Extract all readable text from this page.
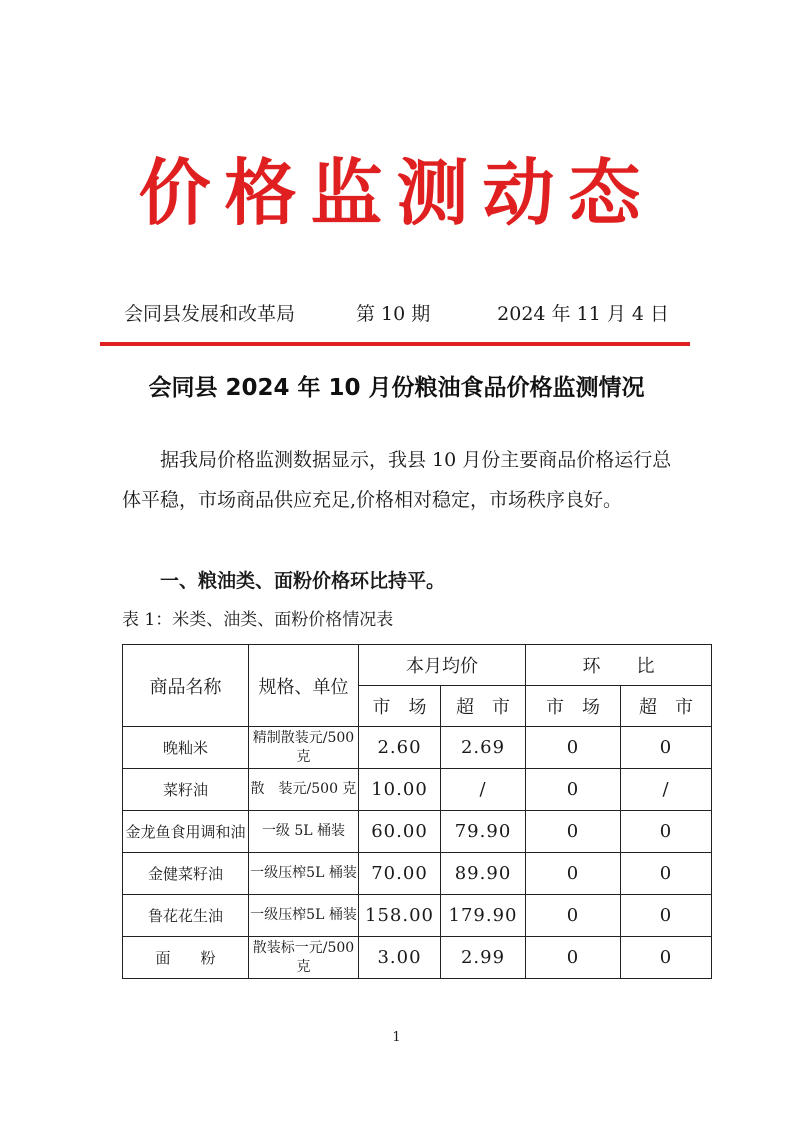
价格监测动态
会同县发展和改革局	第 10 期	2024 年 11 月 4 日
会同县 2024 年 10 月份粮油食品价格监测情况

据我局价格监测数据显示，我县 10 月份主要商品价格运行总体平稳，市场商品供应充足,价格相对稳定，市场秩序良好。

一、粮油类、面粉价格环比持平。
表 1：米类、油类、面粉价格情况表
商品名称	规格、单位	本月均价		环　　比	
		市　场	超　市	市　场	超　市
晚籼米	精制散装元/500 克	2.60	2.69	0	0
菜籽油	散　装元/500 克	10.00	/	0	/
金龙鱼食用调和油	一级 5L 桶装	60.00	79.90	0	0
金健菜籽油	一级压榨5L 桶装	70.00	89.90	0	0
鲁花花生油	一级压榨5L 桶装	158.00	179.90	0	0
面　　粉	散装标一元/500 克	3.00	2.99	0	0
1
